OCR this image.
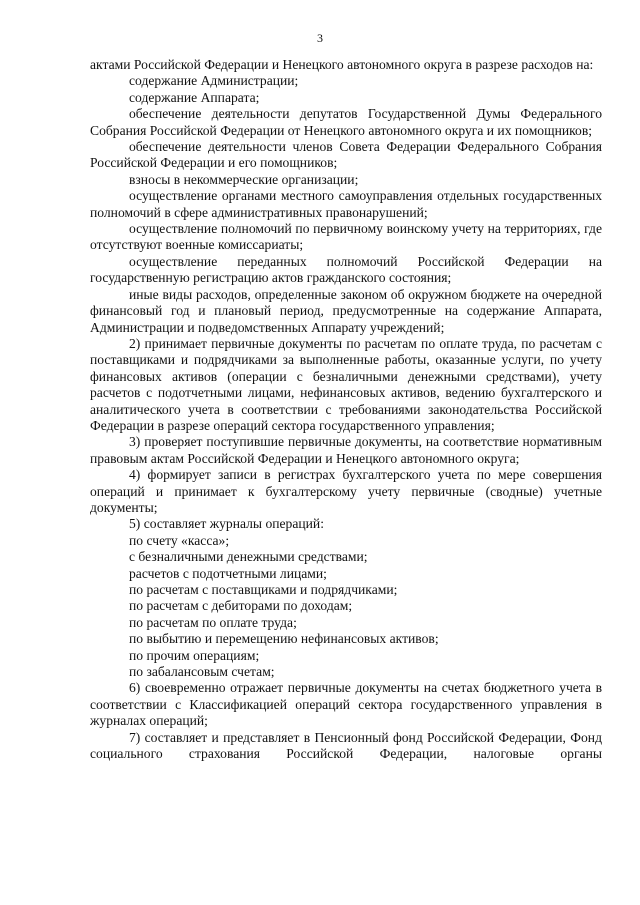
3

актами Российской Федерации и Ненецкого автономного округа в разрезе расходов на:

содержание Администрации;

содержание Аппарата;

обеспечение деятельности депутатов Государственной Думы Федерального Собрания Российской Федерации от Ненецкого автономного округа и их помощников;

обеспечение деятельности членов Совета Федерации Федерального Собрания Российской Федерации и его помощников;

взносы в некоммерческие организации;

осуществление органами местного самоуправления отдельных государственных полномочий в сфере административных правонарушений;

осуществление полномочий по первичному воинскому учету на территориях, где отсутствуют военные комиссариаты;

осуществление переданных полномочий Российской Федерации на государственную регистрацию актов гражданского состояния;

иные виды расходов, определенные законом об окружном бюджете на очередной финансовый год и плановый период, предусмотренные на содержание Аппарата, Администрации и подведомственных Аппарату учреждений;

2) принимает первичные документы по расчетам по оплате труда, по расчетам с поставщиками и подрядчиками за выполненные работы, оказанные услуги, по учету финансовых активов (операции с безналичными денежными средствами), учету расчетов с подотчетными лицами, нефинансовых активов, ведению бухгалтерского и аналитического учета в соответствии с требованиями законодательства Российской Федерации в разрезе операций сектора государственного управления;

3) проверяет поступившие первичные документы, на соответствие нормативным правовым актам Российской Федерации и Ненецкого автономного округа;

4) формирует записи в регистрах бухгалтерского учета по мере совершения операций и принимает к бухгалтерскому учету первичные (сводные) учетные документы;

5) составляет журналы операций:

по счету «касса»;

с безналичными денежными средствами;

расчетов с подотчетными лицами;

по расчетам с поставщиками и подрядчиками;

по расчетам с дебиторами по доходам;

по расчетам по оплате труда;

по выбытию и перемещению нефинансовых активов;

по прочим операциям;

по забалансовым счетам;

6) своевременно отражает первичные документы на счетах бюджетного учета в соответствии с Классификацией операций сектора государственного управления в журналах операций;

7) составляет и представляет в Пенсионный фонд Российской Федерации, Фонд социального страхования Российской Федерации, налоговые органы
